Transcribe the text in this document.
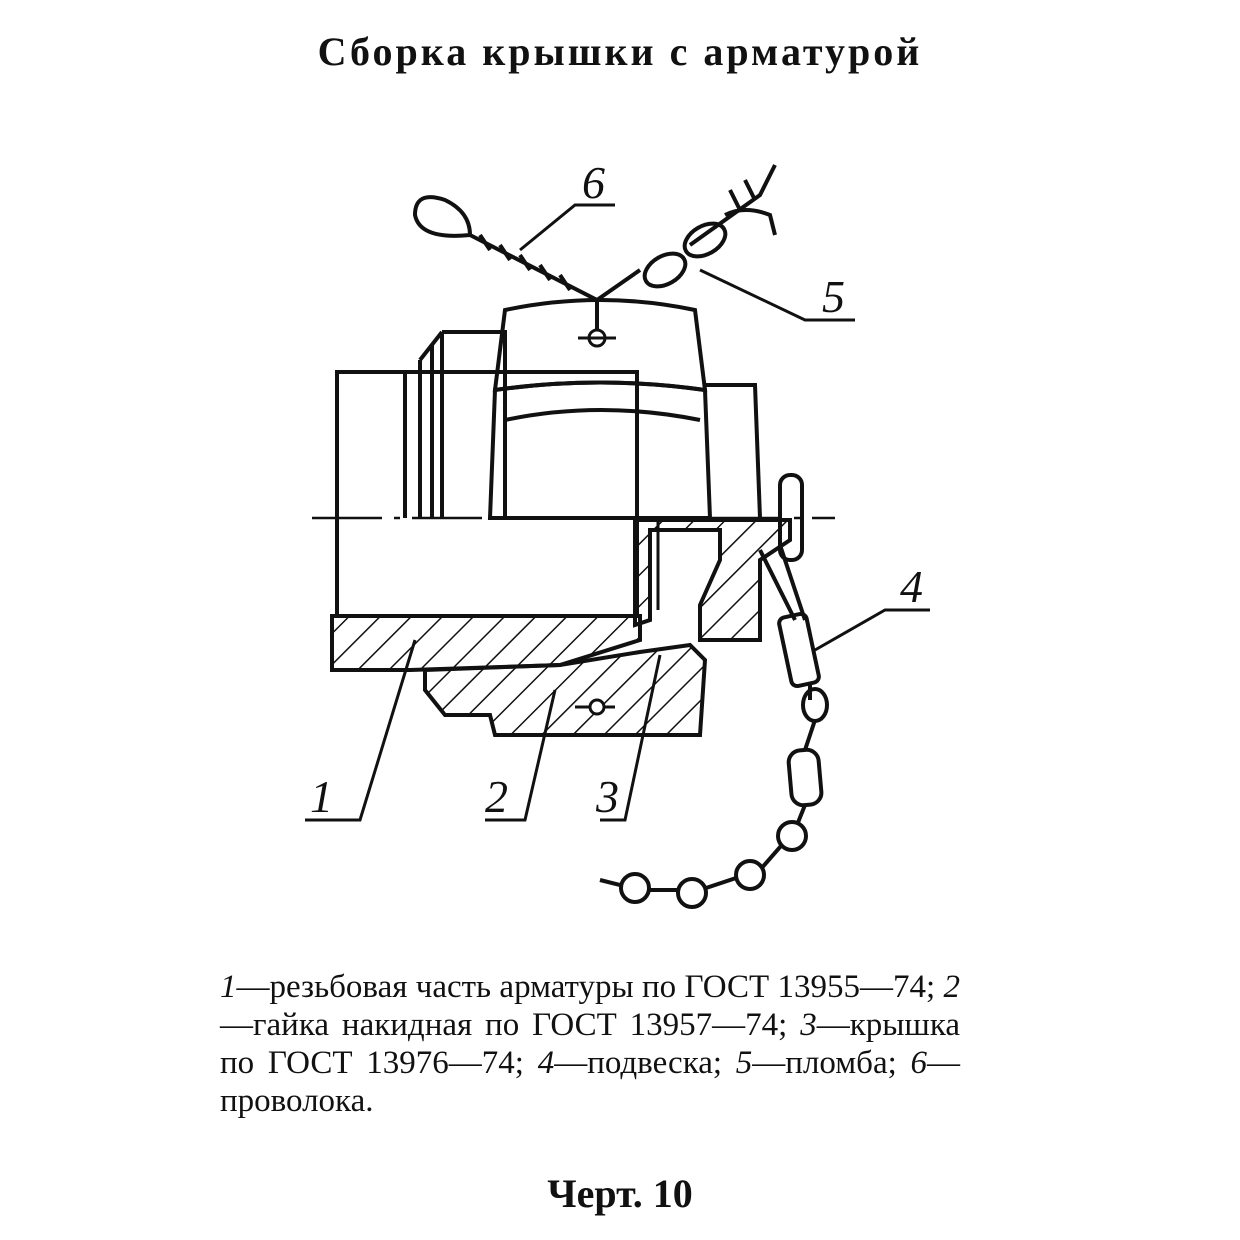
Сборка крышки с арматурой
1	2 3
4
5
6
1—резьбовая часть арматуры по ГОСТ 13955—74; 2—гайка накидная по ГОСТ 13957—74; 3—крышка по ГОСТ 13976—74; 4—подвеска; 5—пломба; 6—проволока.
Черт. 10
